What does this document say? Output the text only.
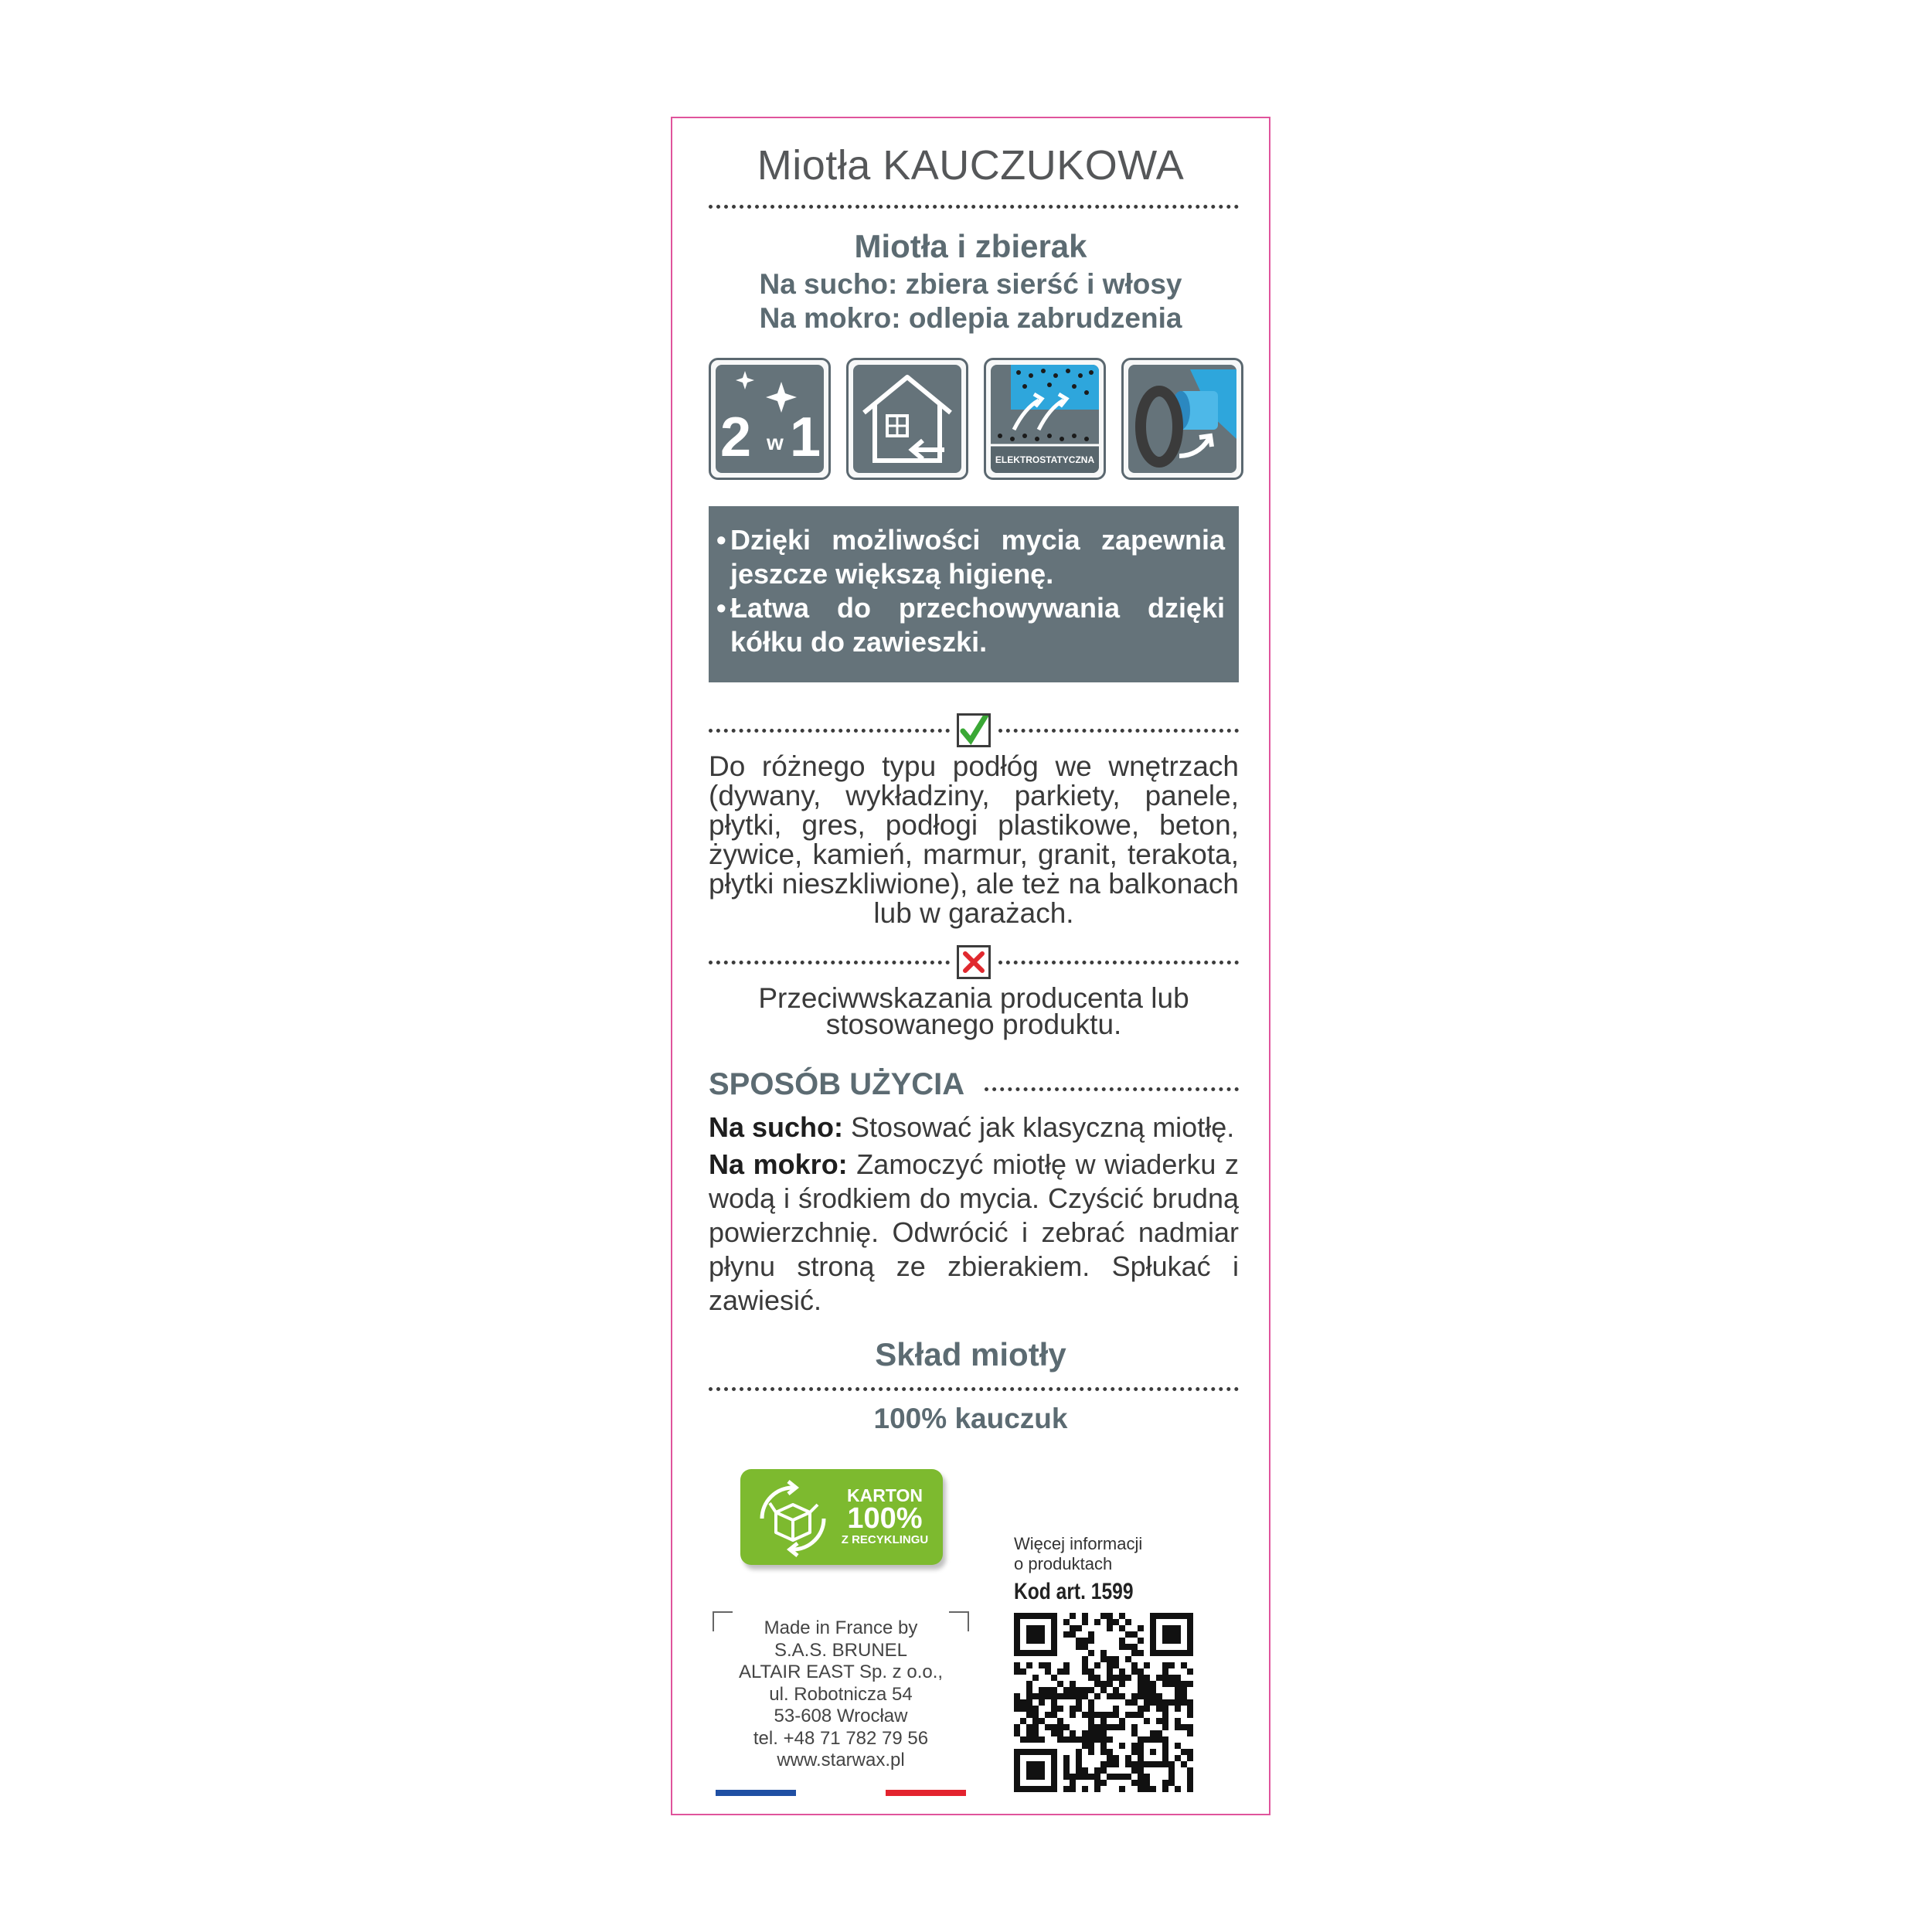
Miotła KAUCZUKOWA
Miotła i zbierak
Na sucho: zbiera sierść i włosy
Na mokro: odlepia zabrudzenia
2 w 1	ELEKTROSTATYCZNA
• Dzięki możliwości mycia zapewnia jeszcze większą higienę.
• Łatwa do przechowywania dzięki kółku do zawieszki.
Do różnego typu podłóg we wnętrzach (dywany, wykładziny, parkiety, panele, płytki, gres, podłogi plastikowe, beton, żywice, kamień, marmur, granit, terakota, płytki nieszkliwione), ale też na balkonach lub w garażach.
Przeciwwskazania producenta lub
stosowanego produktu.
SPOSÓB UŻYCIA

Na sucho: Stosować jak klasyczną miotłę.

Na mokro: Zamoczyć miotłę w wiaderku z wodą i środkiem do mycia. Czyścić brudną powierzchnię. Odwrócić i zebrać nadmiar płynu stroną ze zbierakiem. Spłukać i zawiesić.

Skład miotły
100% kauczuk
KARTON
100%
Z RECYKLINGU
Made in France by
S.A.S. BRUNEL
ALTAIR EAST Sp. z o.o.,
ul. Robotnicza 54
53-608 Wrocław
tel. +48 71 782 79 56
www.starwax.pl
Więcej informacji
o produktach
Kod art. 1599
